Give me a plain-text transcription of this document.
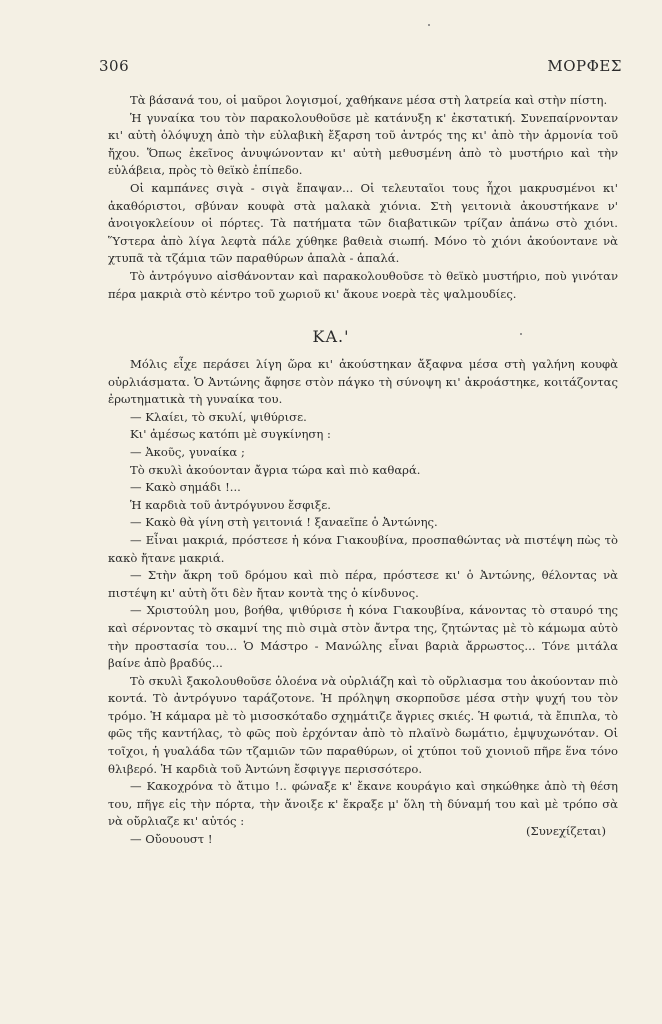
306	ΜΟΡΦΕΣ

Τὰ βάσανά του, οἱ μαῦροι λογισμοί, χαθήκανε μέσα στὴ λατρεία καὶ στὴν πίστη.

Ἡ γυναίκα του τὸν παρακολουθοῦσε μὲ κατάνυξη κ' ἐκστατική. Συνεπαίρνονταν κι' αὐτὴ ὁλόψυχη ἀπὸ τὴν εὐλαβικὴ ἔξαρση τοῦ ἀντρός της κι' ἀπὸ τὴν ἁρμονία τοῦ ἤχου. Ὅπως ἐκεῖνος ἀνυψώνονταν κι' αὐτὴ μεθυσμένη ἀπὸ τὸ μυστήριο καὶ τὴν εὐλάβεια, πρὸς τὸ θεϊκὸ ἐπίπεδο.

Οἱ καμπάνες σιγὰ - σιγὰ ἔπαψαν... Οἱ τελευταῖοι τους ἦχοι μακρυσμένοι κι' ἀκαθόριστοι, σβύναν κουφὰ στὰ μαλακὰ χιόνια. Στὴ γειτονιὰ ἀκουστήκανε ν' ἀνοιγοκλείουν οἱ πόρτες. Τὰ πατήματα τῶν διαβατικῶν τρίζαν ἀπάνω στὸ χιόνι. Ὕστερα ἀπὸ λίγα λεφτὰ πάλε χύθηκε βαθειὰ σιωπή. Μόνο τὸ χιόνι ἀκούοντανε νὰ χτυπᾶ τὰ τζάμια τῶν παραθύρων ἁπαλὰ - ἁπαλά.

Τὸ ἀντρόγυνο αἰσθάνονταν καὶ παρακολουθοῦσε τὸ θεϊκὸ μυστήριο, ποὺ γινόταν πέρα μακριὰ στὸ κέντρο τοῦ χωριοῦ κι' ἄκουε νοερὰ τὲς ψαλμουδίες.

ΚΑ.'

Μόλις εἶχε περάσει λίγη ὥρα κι' ἀκούστηκαν ἄξαφνα μέσα στὴ γαλήνη κουφὰ οὐρλιάσματα. Ὁ Ἀντώνης ἄφησε στὸν πάγκο τὴ σύνοψη κι' ἀκροάστηκε, κοιτάζοντας ἐρωτηματικὰ τὴ γυναίκα του.

— Κλαίει, τὸ σκυλί, ψιθύρισε.

Κι' ἀμέσως κατόπι μὲ συγκίνηση :

— Ἀκοῦς, γυναίκα ;

Τὸ σκυλὶ ἀκούονταν ἄγρια τώρα καὶ πιὸ καθαρά.

— Κακὸ σημάδι !...

Ἡ καρδιὰ τοῦ ἀντρόγυνου ἔσφιξε.

— Κακὸ θὰ γίνη στὴ γειτονιά ! ξαναεῖπε ὁ Ἀντώνης.

— Εἶναι μακριά, πρόστεσε ἡ κόνα Γιακουβίνα, προσπαθώντας νὰ πιστέψη πὼς τὸ κακὸ ἤτανε μακριά.

— Στὴν ἄκρη τοῦ δρόμου καὶ πιὸ πέρα, πρόστεσε κι' ὁ Ἀντώνης, θέλοντας νὰ πιστέψη κι' αὐτὴ ὅτι δὲν ἤταν κοντὰ της ὁ κίνδυνος.

— Χριστούλη μου, βοήθα, ψιθύρισε ἡ κόνα Γιακουβίνα, κάνοντας τὸ σταυρό της καὶ σέρνοντας τὸ σκαμνί της πιὸ σιμὰ στὸν ἄντρα της, ζητώντας μὲ τὸ κάμωμα αὐτὸ τὴν προστασία του... Ὁ Μάστρο - Μανώλης εἶναι βαριὰ ἄρρωστος... Τόνε μιτάλα βαίνε ἀπὸ βραδύς...

Τὸ σκυλὶ ξακολουθοῦσε ὁλοένα νὰ οὐρλιάζη καὶ τὸ οὔρλιασμα του ἀκούονταν πιὸ κοντά. Τὸ ἀντρόγυνο ταράζοτονε. Ἡ πρόληψη σκορποῦσε μέσα στὴν ψυχή του τὸν τρόμο. Ἡ κάμαρα μὲ τὸ μισοσκόταδο σχημάτιζε ἄγριες σκιές. Ἡ φωτιά, τὰ ἔπιπλα, τὸ φῶς τῆς καντήλας, τὸ φῶς ποὺ ἐρχόνταν ἀπὸ τὸ πλαϊνὸ δωμάτιο, ἐμψυχωνόταν. Οἱ τοῖχοι, ἡ γυαλάδα τῶν τζαμιῶν τῶν παραθύρων, οἱ χτύποι τοῦ χιονιοῦ πῆρε ἕνα τόνο θλιβερό. Ἡ καρδιὰ τοῦ Ἀντώνη ἔσφιγγε περισσότερο.

— Κακοχρόνα τὸ ἄτιμο !.. φώναξε κ' ἔκανε κουράγιο καὶ σηκώθηκε ἀπὸ τὴ θέση του, πῆγε εἰς τὴν πόρτα, τὴν ἄνοιξε κ' ἔκραξε μ' ὅλη τὴ δύναμή του καὶ μὲ τρόπο σὰ νὰ οὔρλιαζε κι' αὐτός :

— Οὔουουστ !

(Συνεχίζεται)
